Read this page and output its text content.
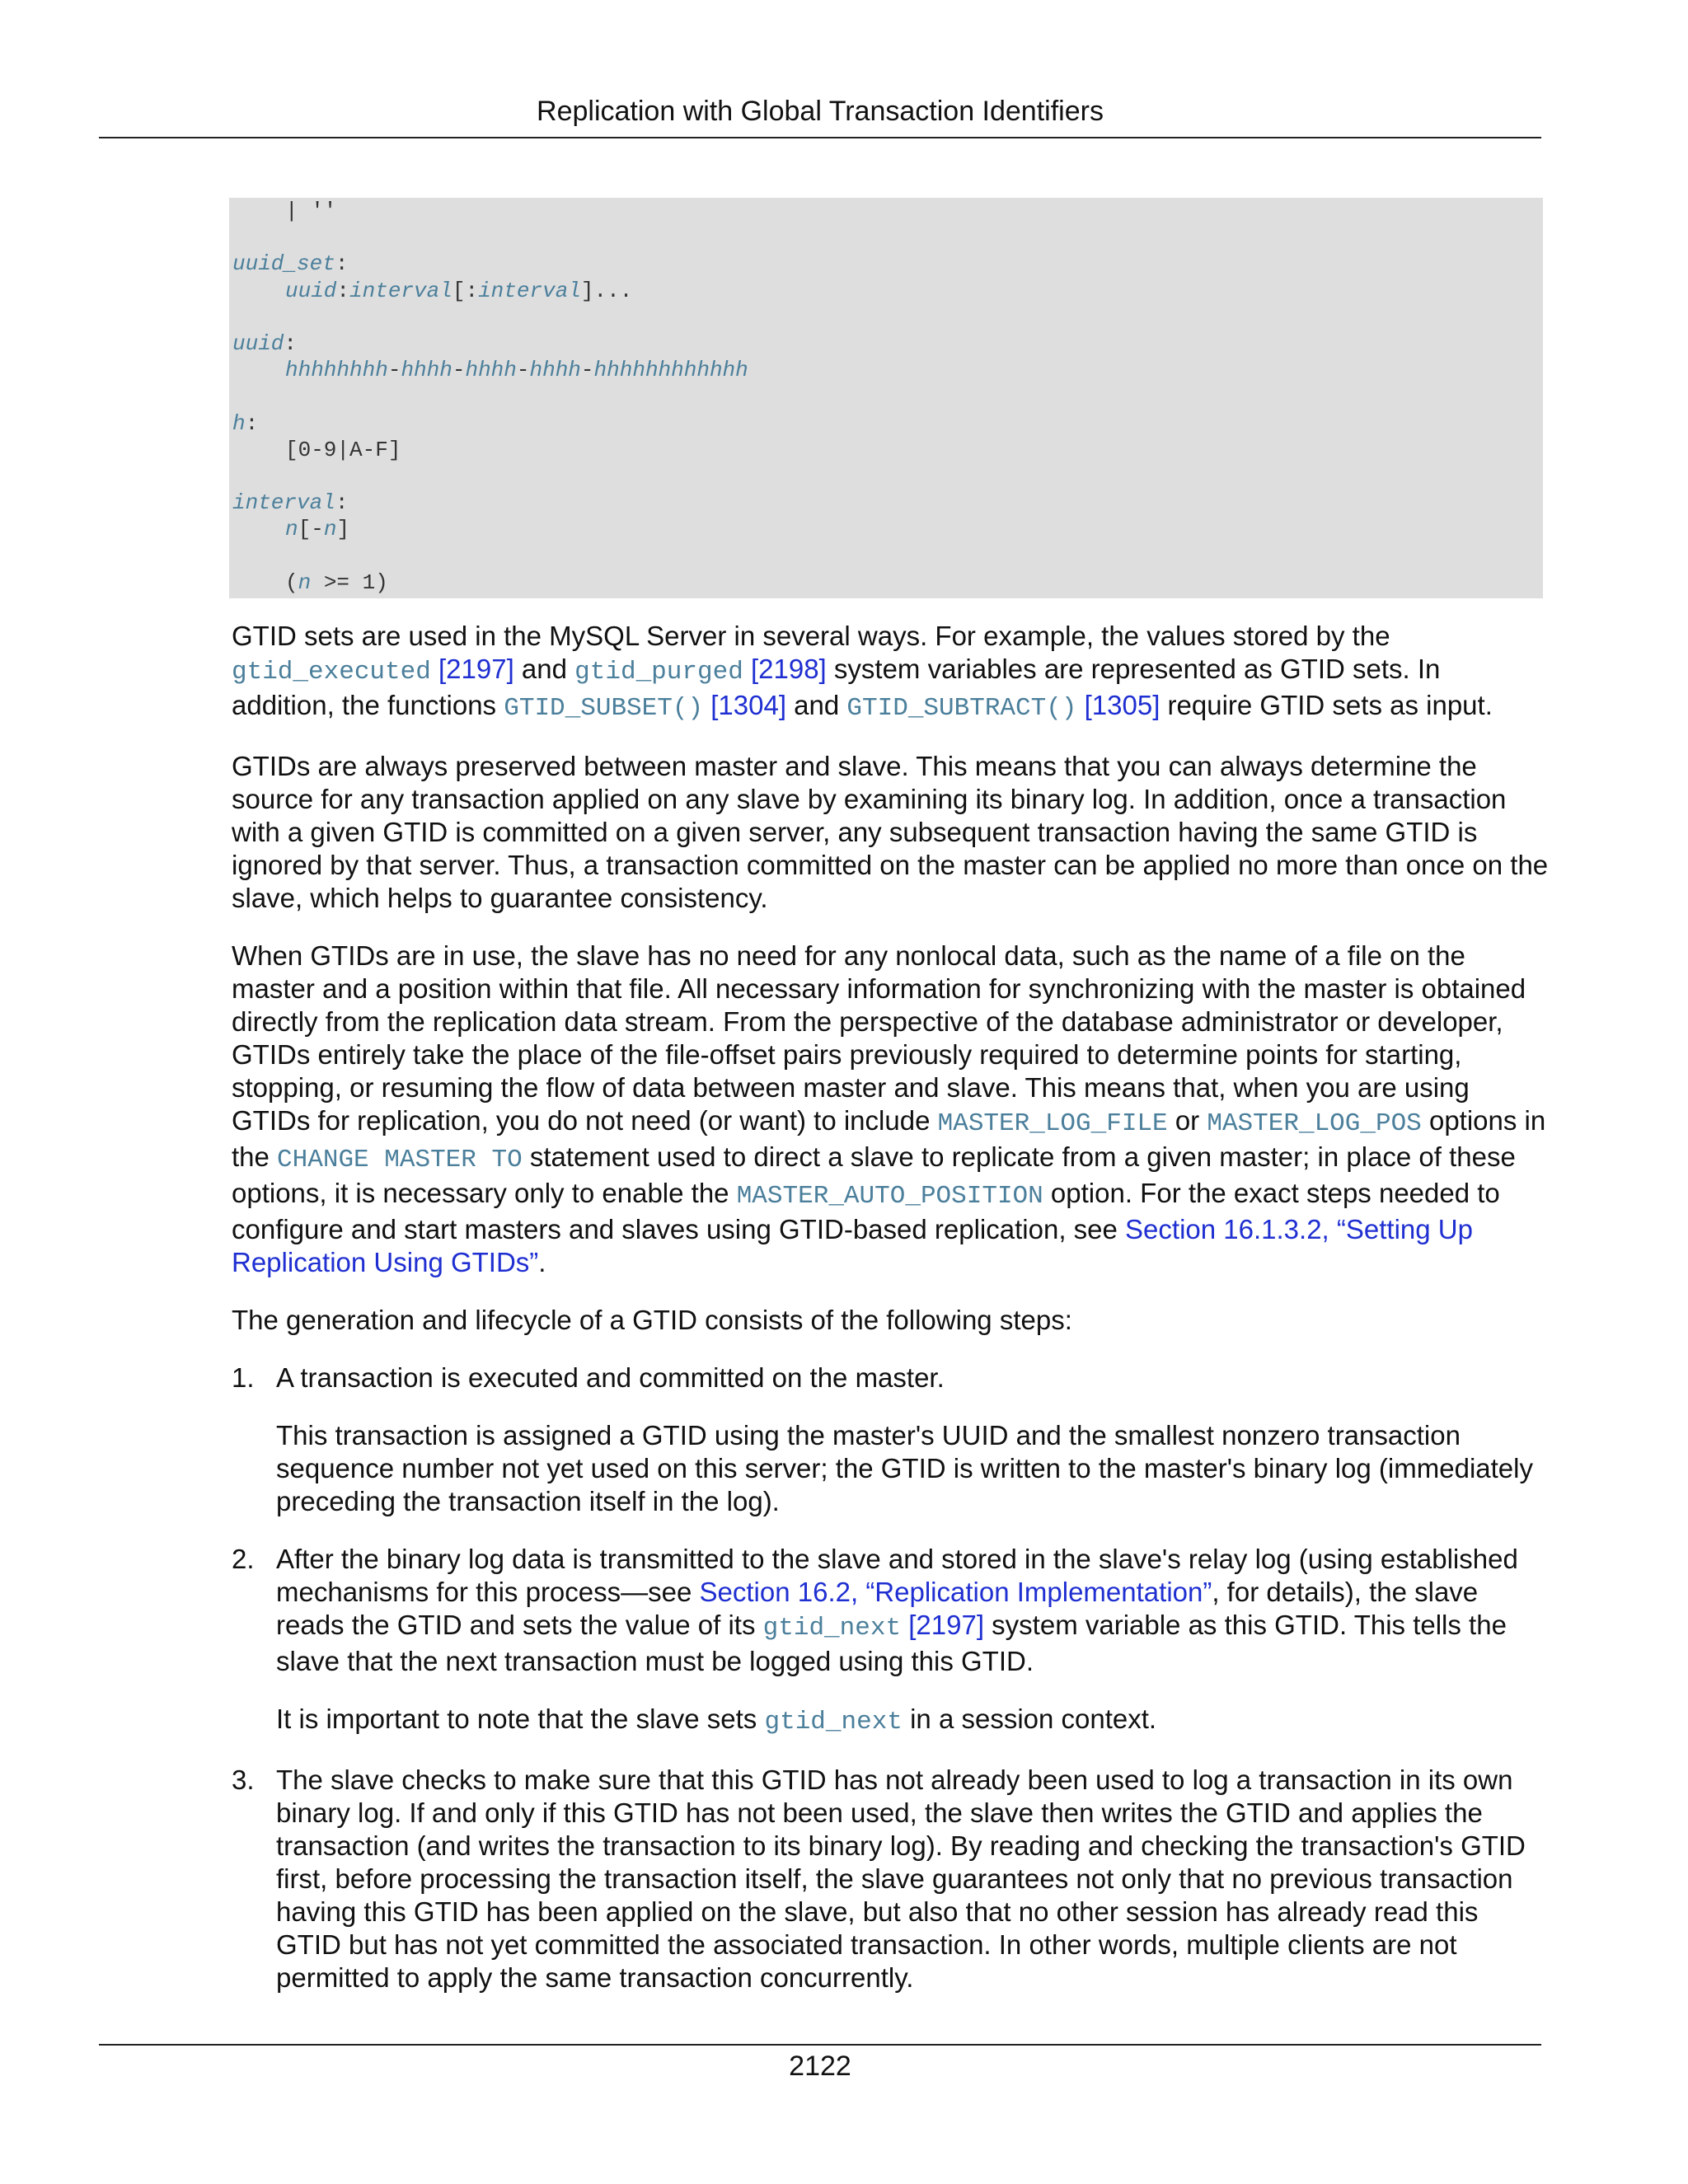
Replication with Global Transaction Identifiers
| ''
uuid_set:
uuid:interval[:interval]...
uuid:
hhhhhhhh-hhhh-hhhh-hhhh-hhhhhhhhhhhh
h:
[0-9|A-F]
interval:
n[-n]
(n >= 1)

GTID sets are used in the MySQL Server in several ways. For example, the values stored by the gtid_executed [2197] and gtid_purged [2198] system variables are represented as GTID sets. In addition, the functions GTID_SUBSET() [1304] and GTID_SUBTRACT() [1305] require GTID sets as input.

GTIDs are always preserved between master and slave. This means that you can always determine the source for any transaction applied on any slave by examining its binary log. In addition, once a transaction with a given GTID is committed on a given server, any subsequent transaction having the same GTID is ignored by that server. Thus, a transaction committed on the master can be applied no more than once on the slave, which helps to guarantee consistency.

When GTIDs are in use, the slave has no need for any nonlocal data, such as the name of a file on the master and a position within that file. All necessary information for synchronizing with the master is obtained directly from the replication data stream. From the perspective of the database administrator or developer, GTIDs entirely take the place of the file-offset pairs previously required to determine points for starting, stopping, or resuming the flow of data between master and slave. This means that, when you are using GTIDs for replication, you do not need (or want) to include MASTER_LOG_FILE or MASTER_LOG_POS options in the CHANGE MASTER TO statement used to direct a slave to replicate from a given master; in place of these options, it is necessary only to enable the MASTER_AUTO_POSITION option. For the exact steps needed to configure and start masters and slaves using GTID-based replication, see Section 16.1.3.2, “Setting Up Replication Using GTIDs”.

The generation and lifecycle of a GTID consists of the following steps:

1. A transaction is executed and committed on the master.

This transaction is assigned a GTID using the master's UUID and the smallest nonzero transaction sequence number not yet used on this server; the GTID is written to the master's binary log (immediately preceding the transaction itself in the log).

2. After the binary log data is transmitted to the slave and stored in the slave's relay log (using established mechanisms for this process—see Section 16.2, “Replication Implementation”, for details), the slave reads the GTID and sets the value of its gtid_next [2197] system variable as this GTID. This tells the slave that the next transaction must be logged using this GTID.

It is important to note that the slave sets gtid_next in a session context.

3. The slave checks to make sure that this GTID has not already been used to log a transaction in its own binary log. If and only if this GTID has not been used, the slave then writes the GTID and applies the transaction (and writes the transaction to its binary log). By reading and checking the transaction's GTID first, before processing the transaction itself, the slave guarantees not only that no previous transaction having this GTID has been applied on the slave, but also that no other session has already read this GTID but has not yet committed the associated transaction. In other words, multiple clients are not permitted to apply the same transaction concurrently.

2122
